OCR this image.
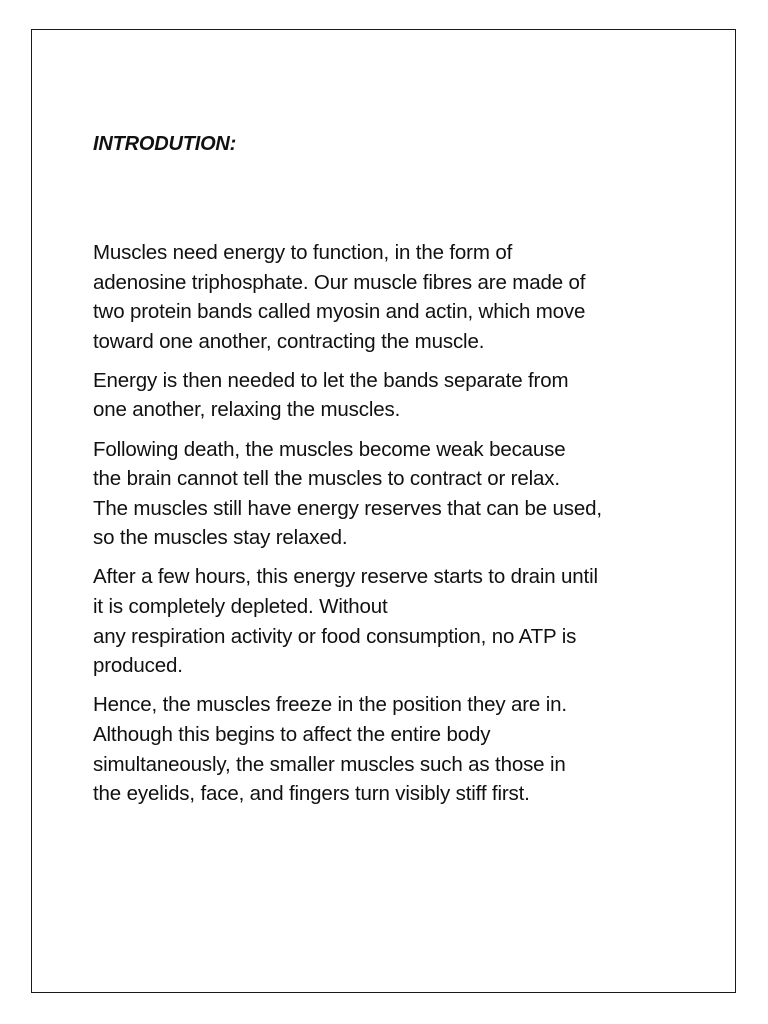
INTRODUTION:

Muscles need energy to function, in the form of
adenosine triphosphate. Our muscle fibres are made of
two protein bands called myosin and actin, which move
toward one another, contracting the muscle.

Energy is then needed to let the bands separate from
one another, relaxing the muscles.

Following death, the muscles become weak because
the brain cannot tell the muscles to contract or relax.
The muscles still have energy reserves that can be used,
so the muscles stay relaxed.

After a few hours, this energy reserve starts to drain until
it is completely depleted. Without
any respiration activity or food consumption, no ATP is
produced.

Hence, the muscles freeze in the position they are in.
Although this begins to affect the entire body
simultaneously, the smaller muscles such as those in
the eyelids, face, and fingers turn visibly stiff first.
